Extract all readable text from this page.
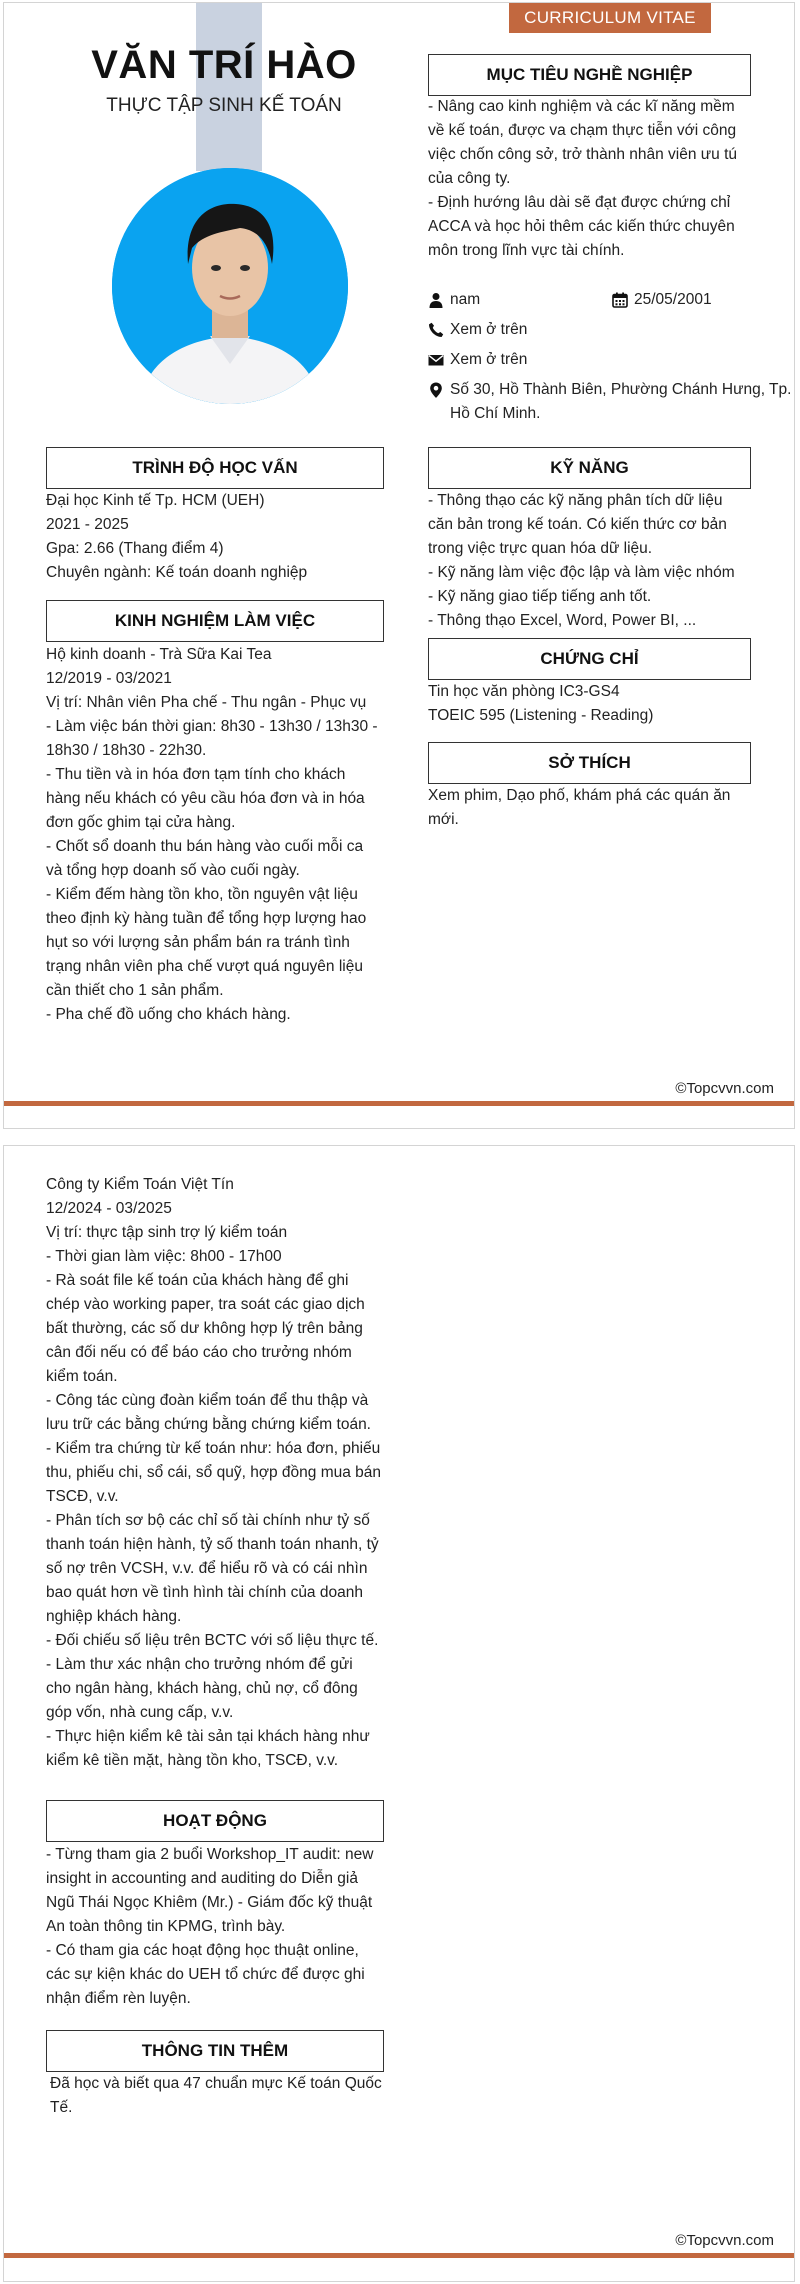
CURRICULUM VITAE
VĂN TRÍ HÀO
THỰC TẬP SINH KẾ TOÁN
MỤC TIÊU NGHỀ NGHIỆP
- Nâng cao kinh nghiệm và các kĩ năng mềm
về kế toán, được va chạm thực tiễn với công
việc chốn công sở, trở thành nhân viên ưu tú
của công ty.
- Định hướng lâu dài sẽ đạt được chứng chỉ
ACCA và học hỏi thêm các kiến thức chuyên
môn trong lĩnh vực tài chính.
nam	25/05/2001
Xem ở trên
Xem ở trên
Số 30, Hồ Thành Biên, Phường Chánh Hưng, Tp.
Hồ Chí Minh.
TRÌNH ĐỘ HỌC VẤN
Đại học Kinh tế Tp. HCM (UEH)
2021 - 2025
Gpa: 2.66 (Thang điểm 4)
Chuyên ngành: Kế toán doanh nghiệp
KỸ NĂNG
- Thông thạo các kỹ năng phân tích dữ liệu
căn bản trong kế toán. Có kiến thức cơ bản
trong việc trực quan hóa dữ liệu.
- Kỹ năng làm việc độc lập và làm việc nhóm
- Kỹ năng giao tiếp tiếng anh tốt.
- Thông thạo Excel, Word, Power BI, ...
KINH NGHIỆM LÀM VIỆC
Hộ kinh doanh - Trà Sữa Kai Tea
12/2019 - 03/2021
Vị trí: Nhân viên Pha chế - Thu ngân - Phục vụ
- Làm việc bán thời gian: 8h30 - 13h30 / 13h30 -
18h30 / 18h30 - 22h30.
- Thu tiền và in hóa đơn tạm tính cho khách
hàng nếu khách có yêu cầu hóa đơn và in hóa
đơn gốc ghim tại cửa hàng.
- Chốt sổ doanh thu bán hàng vào cuối mỗi ca
và tổng hợp doanh số vào cuối ngày.
- Kiểm đếm hàng tồn kho, tồn nguyên vật liệu
theo định kỳ hàng tuần để tổng hợp lượng hao
hụt so với lượng sản phẩm bán ra tránh tình
trạng nhân viên pha chế vượt quá nguyên liệu
cần thiết cho 1 sản phẩm.
- Pha chế đồ uống cho khách hàng.
CHỨNG CHỈ
Tin học văn phòng IC3-GS4
TOEIC 595 (Listening - Reading)
SỞ THÍCH
Xem phim, Dạo phố, khám phá các quán ăn
mới.
©Topcvvn.com
Công ty Kiểm Toán Việt Tín
12/2024 - 03/2025
Vị trí: thực tập sinh trợ lý kiểm toán
- Thời gian làm việc: 8h00 - 17h00
- Rà soát file kế toán của khách hàng để ghi
chép vào working paper, tra soát các giao dịch
bất thường, các số dư không hợp lý trên bảng
cân đối nếu có để báo cáo cho trưởng nhóm
kiểm toán.
- Công tác cùng đoàn kiểm toán để thu thập và
lưu trữ các bằng chứng bằng chứng kiểm toán.
- Kiểm tra chứng từ kế toán như: hóa đơn, phiếu
thu, phiếu chi, sổ cái, sổ quỹ, hợp đồng mua bán
TSCĐ, v.v.
- Phân tích sơ bộ các chỉ số tài chính như tỷ số
thanh toán hiện hành, tỷ số thanh toán nhanh, tỷ
số nợ trên VCSH, v.v. để hiểu rõ và có cái nhìn
bao quát hơn về tình hình tài chính của doanh
nghiệp khách hàng.
- Đối chiếu số liệu trên BCTC với số liệu thực tế.
- Làm thư xác nhận cho trưởng nhóm để gửi
cho ngân hàng, khách hàng, chủ nợ, cổ đông
góp vốn, nhà cung cấp, v.v.
- Thực hiện kiểm kê tài sản tại khách hàng như
kiểm kê tiền mặt, hàng tồn kho, TSCĐ, v.v.
HOẠT ĐỘNG
- Từng tham gia 2 buổi Workshop_IT audit: new
insight in accounting and auditing do Diễn giả
Ngũ Thái Ngọc Khiêm (Mr.) - Giám đốc kỹ thuật
An toàn thông tin KPMG, trình bày.
- Có tham gia các hoạt động học thuật online,
các sự kiện khác do UEH tổ chức để được ghi
nhận điểm rèn luyện.
THÔNG TIN THÊM
Đã học và biết qua 47 chuẩn mực Kế toán Quốc
Tế.
©Topcvvn.com
